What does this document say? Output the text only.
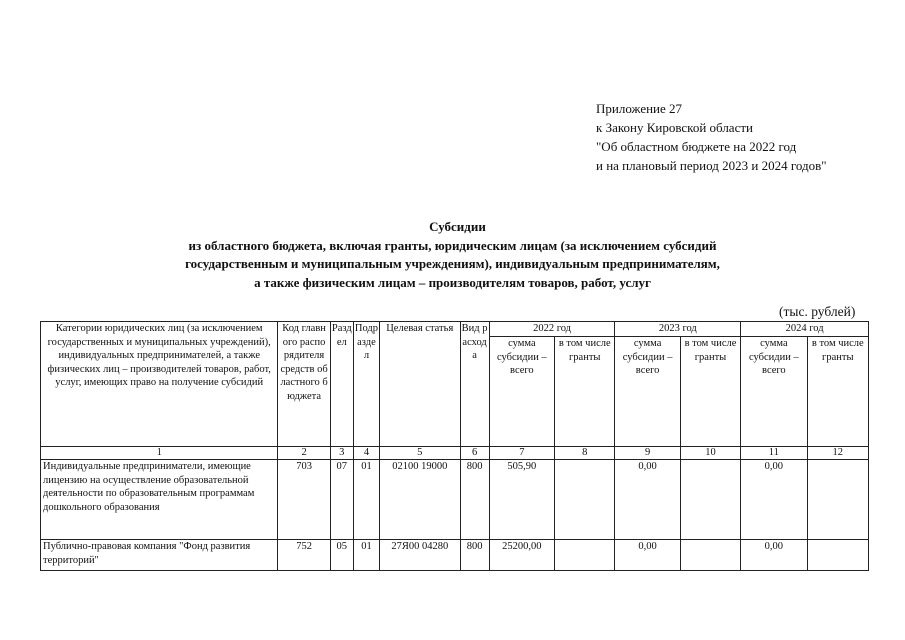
Приложение 27
к Закону Кировской области
"Об областном бюджете на 2022 год
и на плановый период 2023 и 2024 годов"
Субсидии
из областного бюджета, включая гранты, юридическим лицам (за исключением субсидий
государственным и муниципальным учреждениям), индивидуальным предпринимателям,
а также физическим лицам – производителям товаров, работ, услуг
(тыс. рублей)
Категории юридических лиц (за исключением государственных и муниципальных учреждений), индивидуальных предпринимателей, а также физических лиц – производителей товаров, работ, услуг, имеющих право на получение субсидий	Код главного распорядителя средств областного бюджета	Раздел	Подраздел	Целевая статья	Вид расхода	2022 год		2023 год		2024 год	
						сумма субсидии – всего	в том числе гранты	сумма субсидии – всего	в том числе гранты	сумма субсидии – всего	в том числе гранты
1	2	3	4	5	6	7	8	9	10	11	12
Индивидуальные предприниматели, имеющие лицензию на осуществление образовательной деятельности по образовательным программам дошкольного образования	703	07	01	02100 19000	800	505,90		0,00		0,00	
Публично-правовая компания "Фонд развития территорий"	752	05	01	27Я00 04280	800	25200,00		0,00		0,00	
